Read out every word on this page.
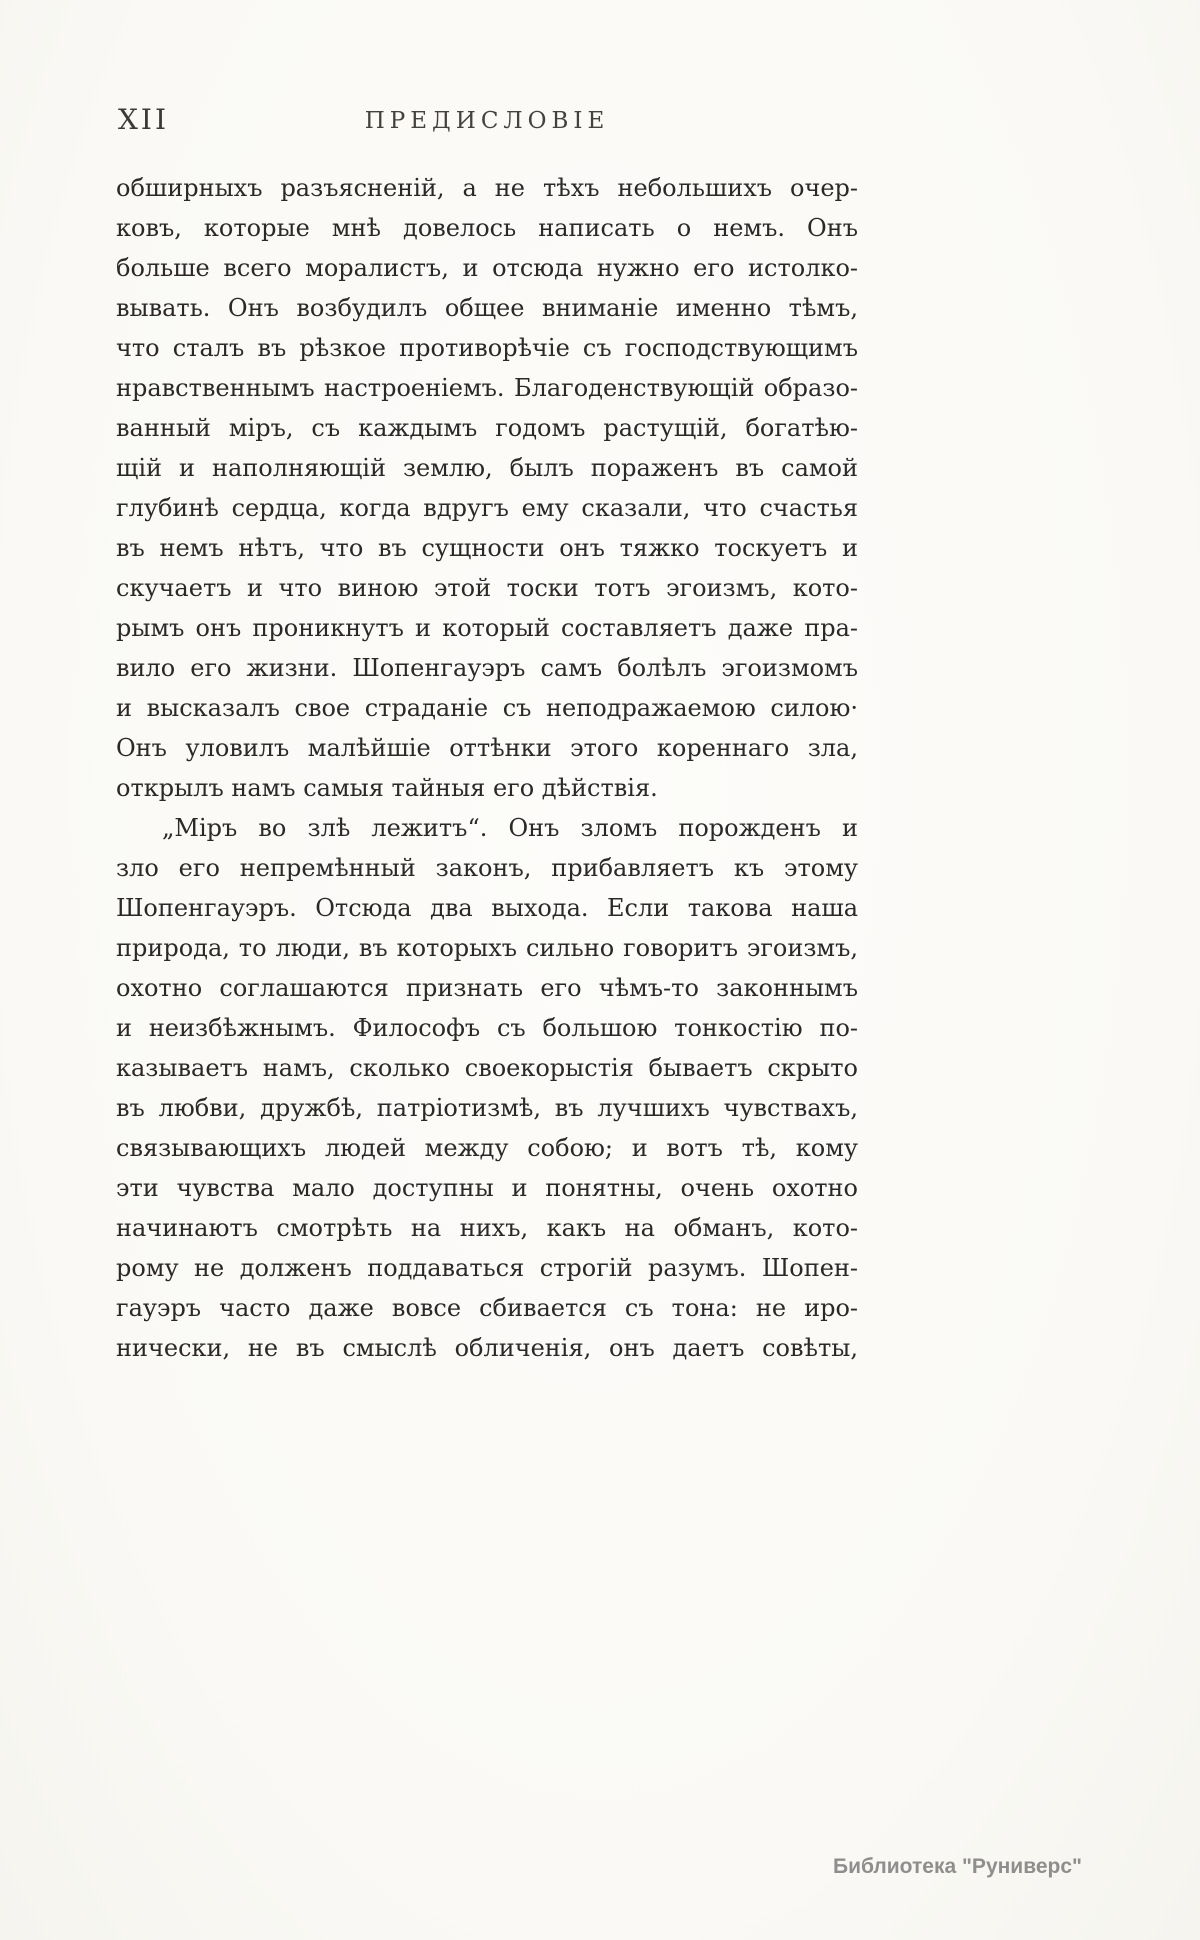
XII	ПРЕДИСЛОВІЕ
обширныхъ разъясненій, а не тѣхъ небольшихъ очер-
ковъ, которые мнѣ довелось написать о немъ. Онъ
больше всего моралистъ, и отсюда нужно его истолко-
вывать. Онъ возбудилъ общее вниманіе именно тѣмъ,
что сталъ въ рѣзкое противорѣчіе съ господствующимъ
нравственнымъ настроеніемъ. Благоденствующій образо-
ванный міръ, съ каждымъ годомъ растущій, богатѣю-
щій и наполняющій землю, былъ пораженъ въ самой
глубинѣ сердца, когда вдругъ ему сказали, что счастья
въ немъ нѣтъ, что въ сущности онъ тяжко тоскуетъ и
скучаетъ и что виною этой тоски тотъ эгоизмъ, кото-
рымъ онъ проникнутъ и который составляетъ даже пра-
вило его жизни. Шопенгауэръ самъ болѣлъ эгоизмомъ
и высказалъ свое страданіе съ неподражаемою силою·
Онъ уловилъ малѣйшіе оттѣнки этого кореннаго зла,
открылъ намъ самыя тайныя его дѣйствія.
„Міръ во злѣ лежитъ“. Онъ зломъ порожденъ и
зло его непремѣнный законъ, прибавляетъ къ этому
Шопенгауэръ. Отсюда два выхода. Если такова наша
природа, то люди, въ которыхъ сильно говоритъ эгоизмъ,
охотно соглашаются признать его чѣмъ-то законнымъ
и неизбѣжнымъ. Философъ съ большою тонкостію по-
казываетъ намъ, сколько своекорыстія бываетъ скрыто
въ любви, дружбѣ, патріотизмѣ, въ лучшихъ чувствахъ,
связывающихъ людей между собою; и вотъ тѣ, кому
эти чувства мало доступны и понятны, очень охотно
начинаютъ смотрѣть на нихъ, какъ на обманъ, кото-
рому не долженъ поддаваться строгій разумъ. Шопен-
гауэръ часто даже вовсе сбивается съ тона: не иро-
нически, не въ смыслѣ обличенія, онъ даетъ совѣты,
Библиотека "Руниверс"
